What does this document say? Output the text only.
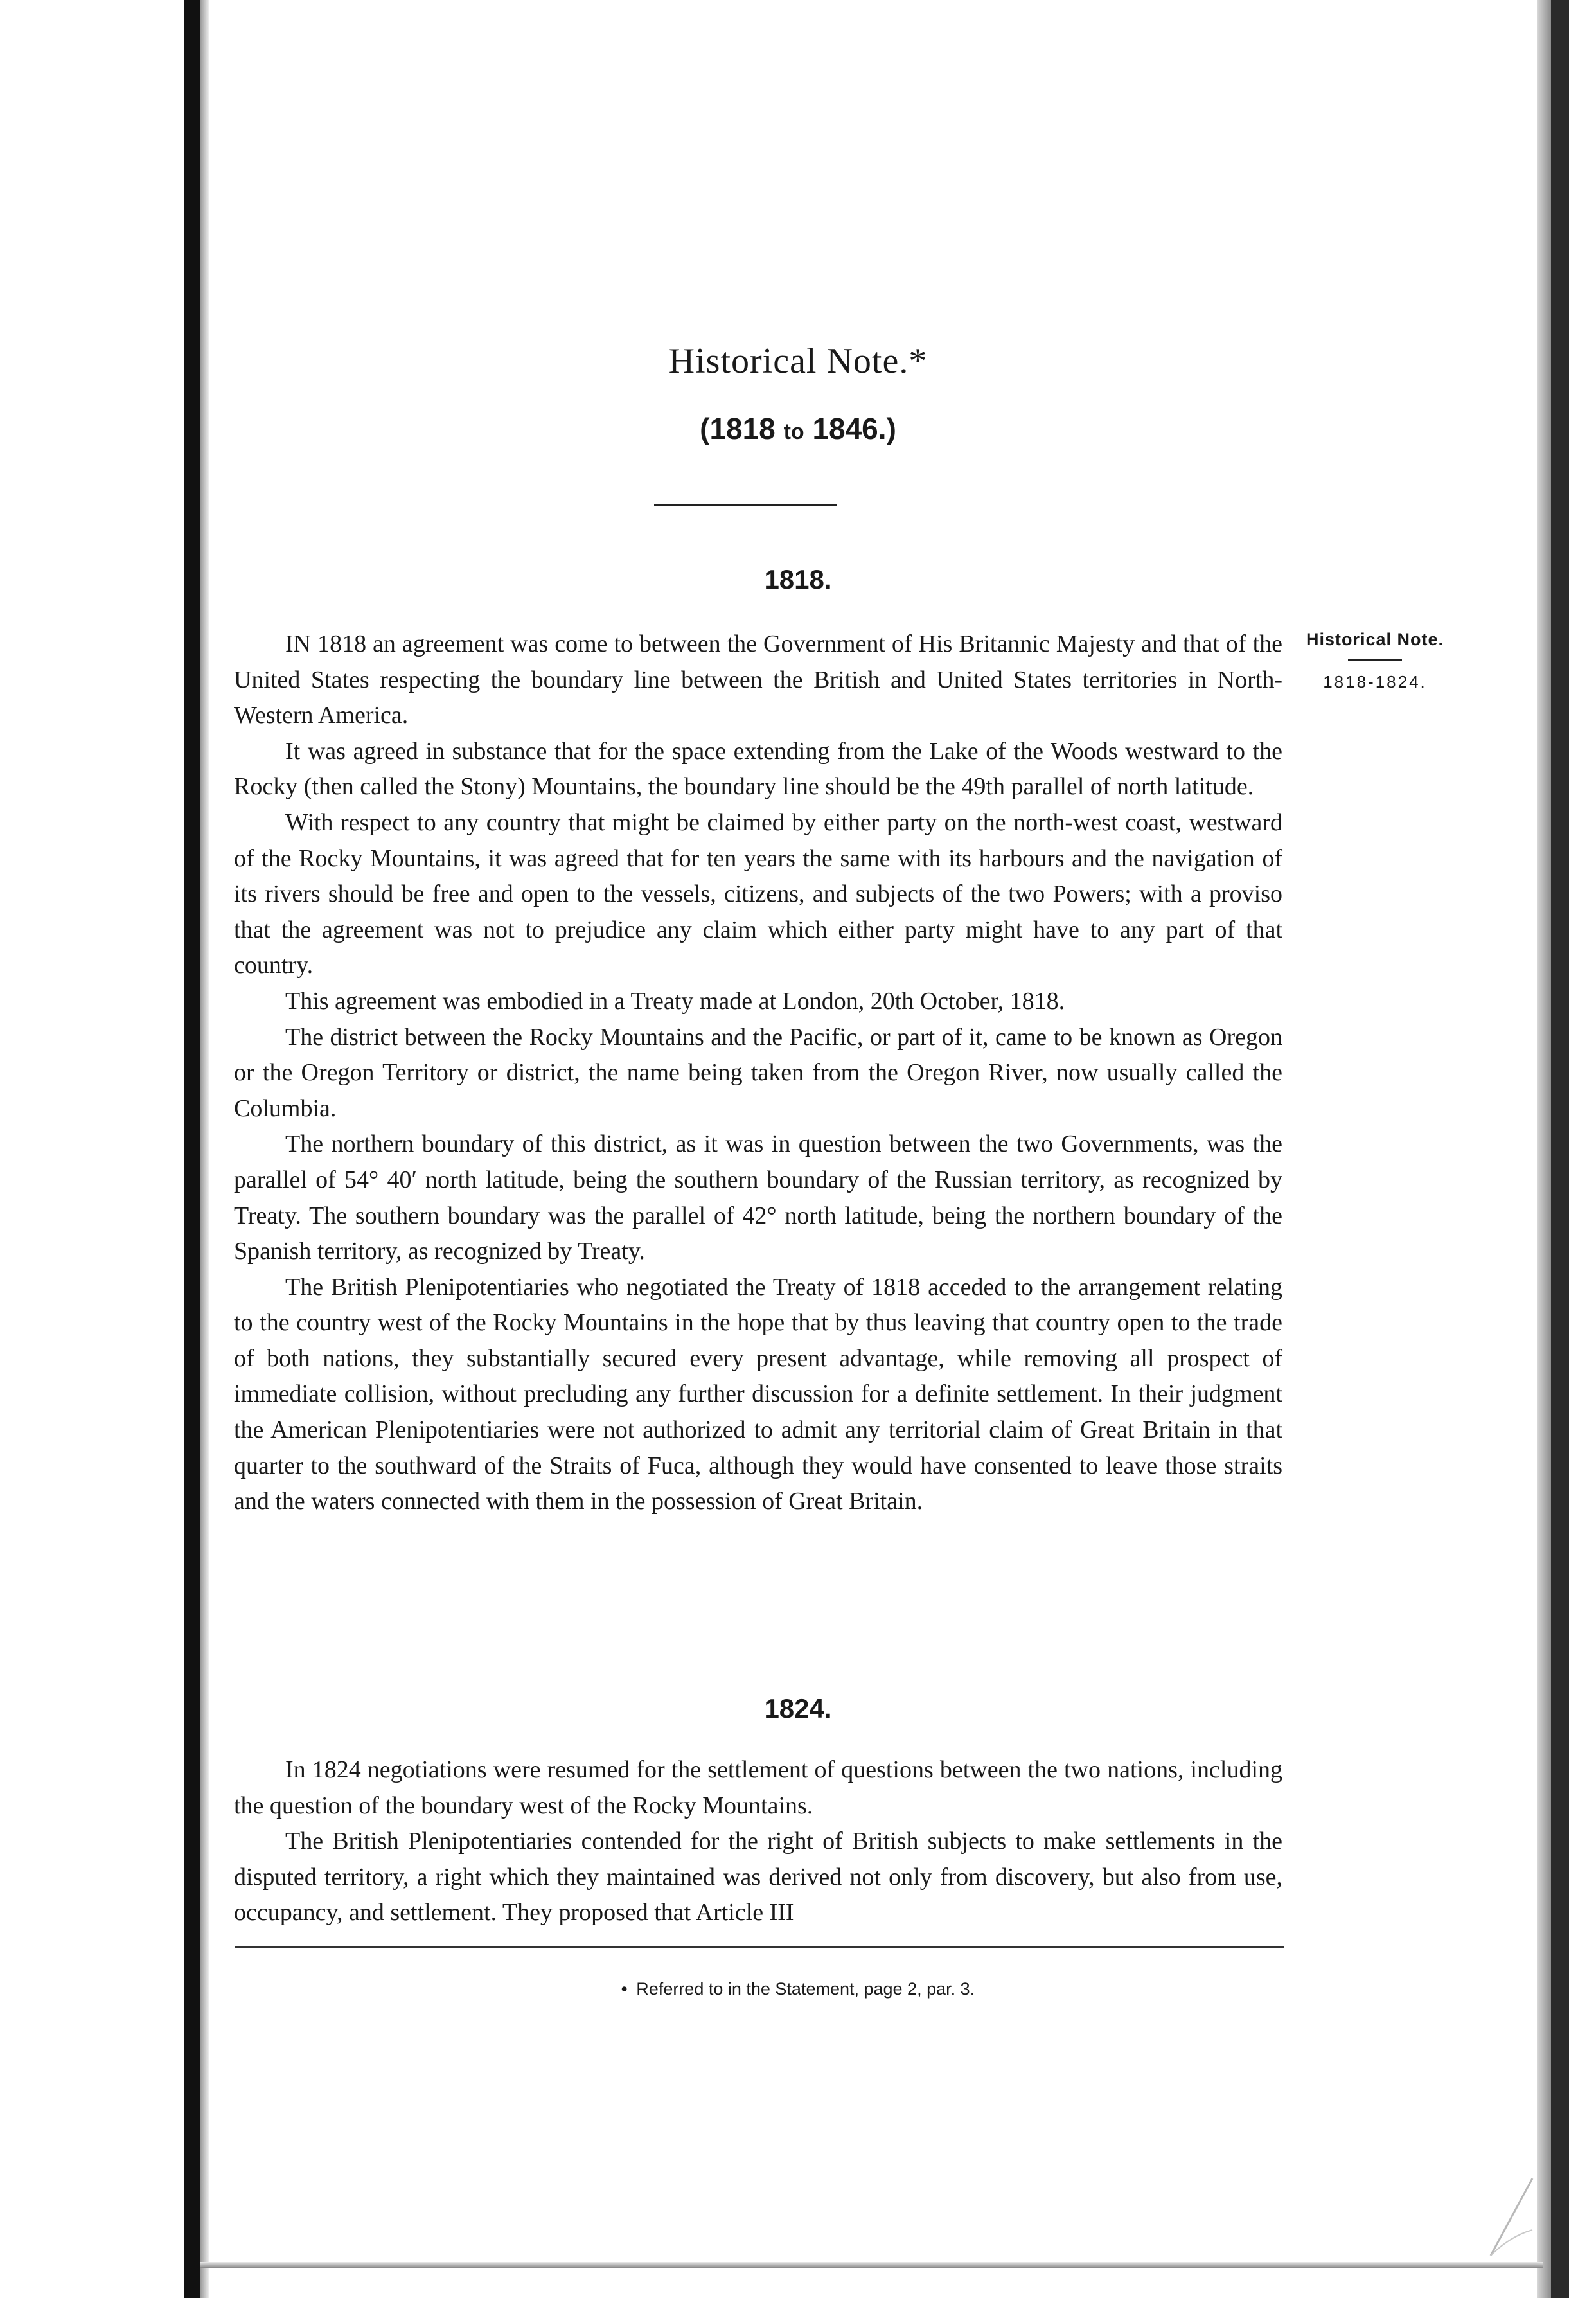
Historical Note.*
(1818 to 1846.)
1818.
Historical Note.
1818-1824.

IN 1818 an agreement was come to between the Government of His Britannic Majesty and that of the United States respecting the boundary line between the British and United States territories in North-Western America.

It was agreed in substance that for the space extending from the Lake of the Woods westward to the Rocky (then called the Stony) Mountains, the boundary line should be the 49th parallel of north latitude.

With respect to any country that might be claimed by either party on the north-west coast, westward of the Rocky Mountains, it was agreed that for ten years the same with its harbours and the navigation of its rivers should be free and open to the vessels, citizens, and subjects of the two Powers; with a proviso that the agreement was not to prejudice any claim which either party might have to any part of that country.

This agreement was embodied in a Treaty made at London, 20th October, 1818.

The district between the Rocky Mountains and the Pacific, or part of it, came to be known as Oregon or the Oregon Territory or district, the name being taken from the Oregon River, now usually called the Columbia.

The northern boundary of this district, as it was in question between the two Governments, was the parallel of 54° 40′ north latitude, being the southern boundary of the Russian territory, as recognized by Treaty. The southern boundary was the parallel of 42° north latitude, being the northern boundary of the Spanish territory, as recognized by Treaty.

The British Plenipotentiaries who negotiated the Treaty of 1818 acceded to the arrangement relating to the country west of the Rocky Mountains in the hope that by thus leaving that country open to the trade of both nations, they substantially secured every present advantage, while removing all prospect of immediate collision, without precluding any further discussion for a definite settlement. In their judgment the American Plenipotentiaries were not authorized to admit any territorial claim of Great Britain in that quarter to the southward of the Straits of Fuca, although they would have consented to leave those straits and the waters connected with them in the possession of Great Britain.

1824.

In 1824 negotiations were resumed for the settlement of questions between the two nations, including the question of the boundary west of the Rocky Mountains.

The British Plenipotentiaries contended for the right of British subjects to make settlements in the disputed territory, a right which they maintained was derived not only from discovery, but also from use, occupancy, and settlement. They proposed that Article III

• Referred to in the Statement, page 2, par. 3.
